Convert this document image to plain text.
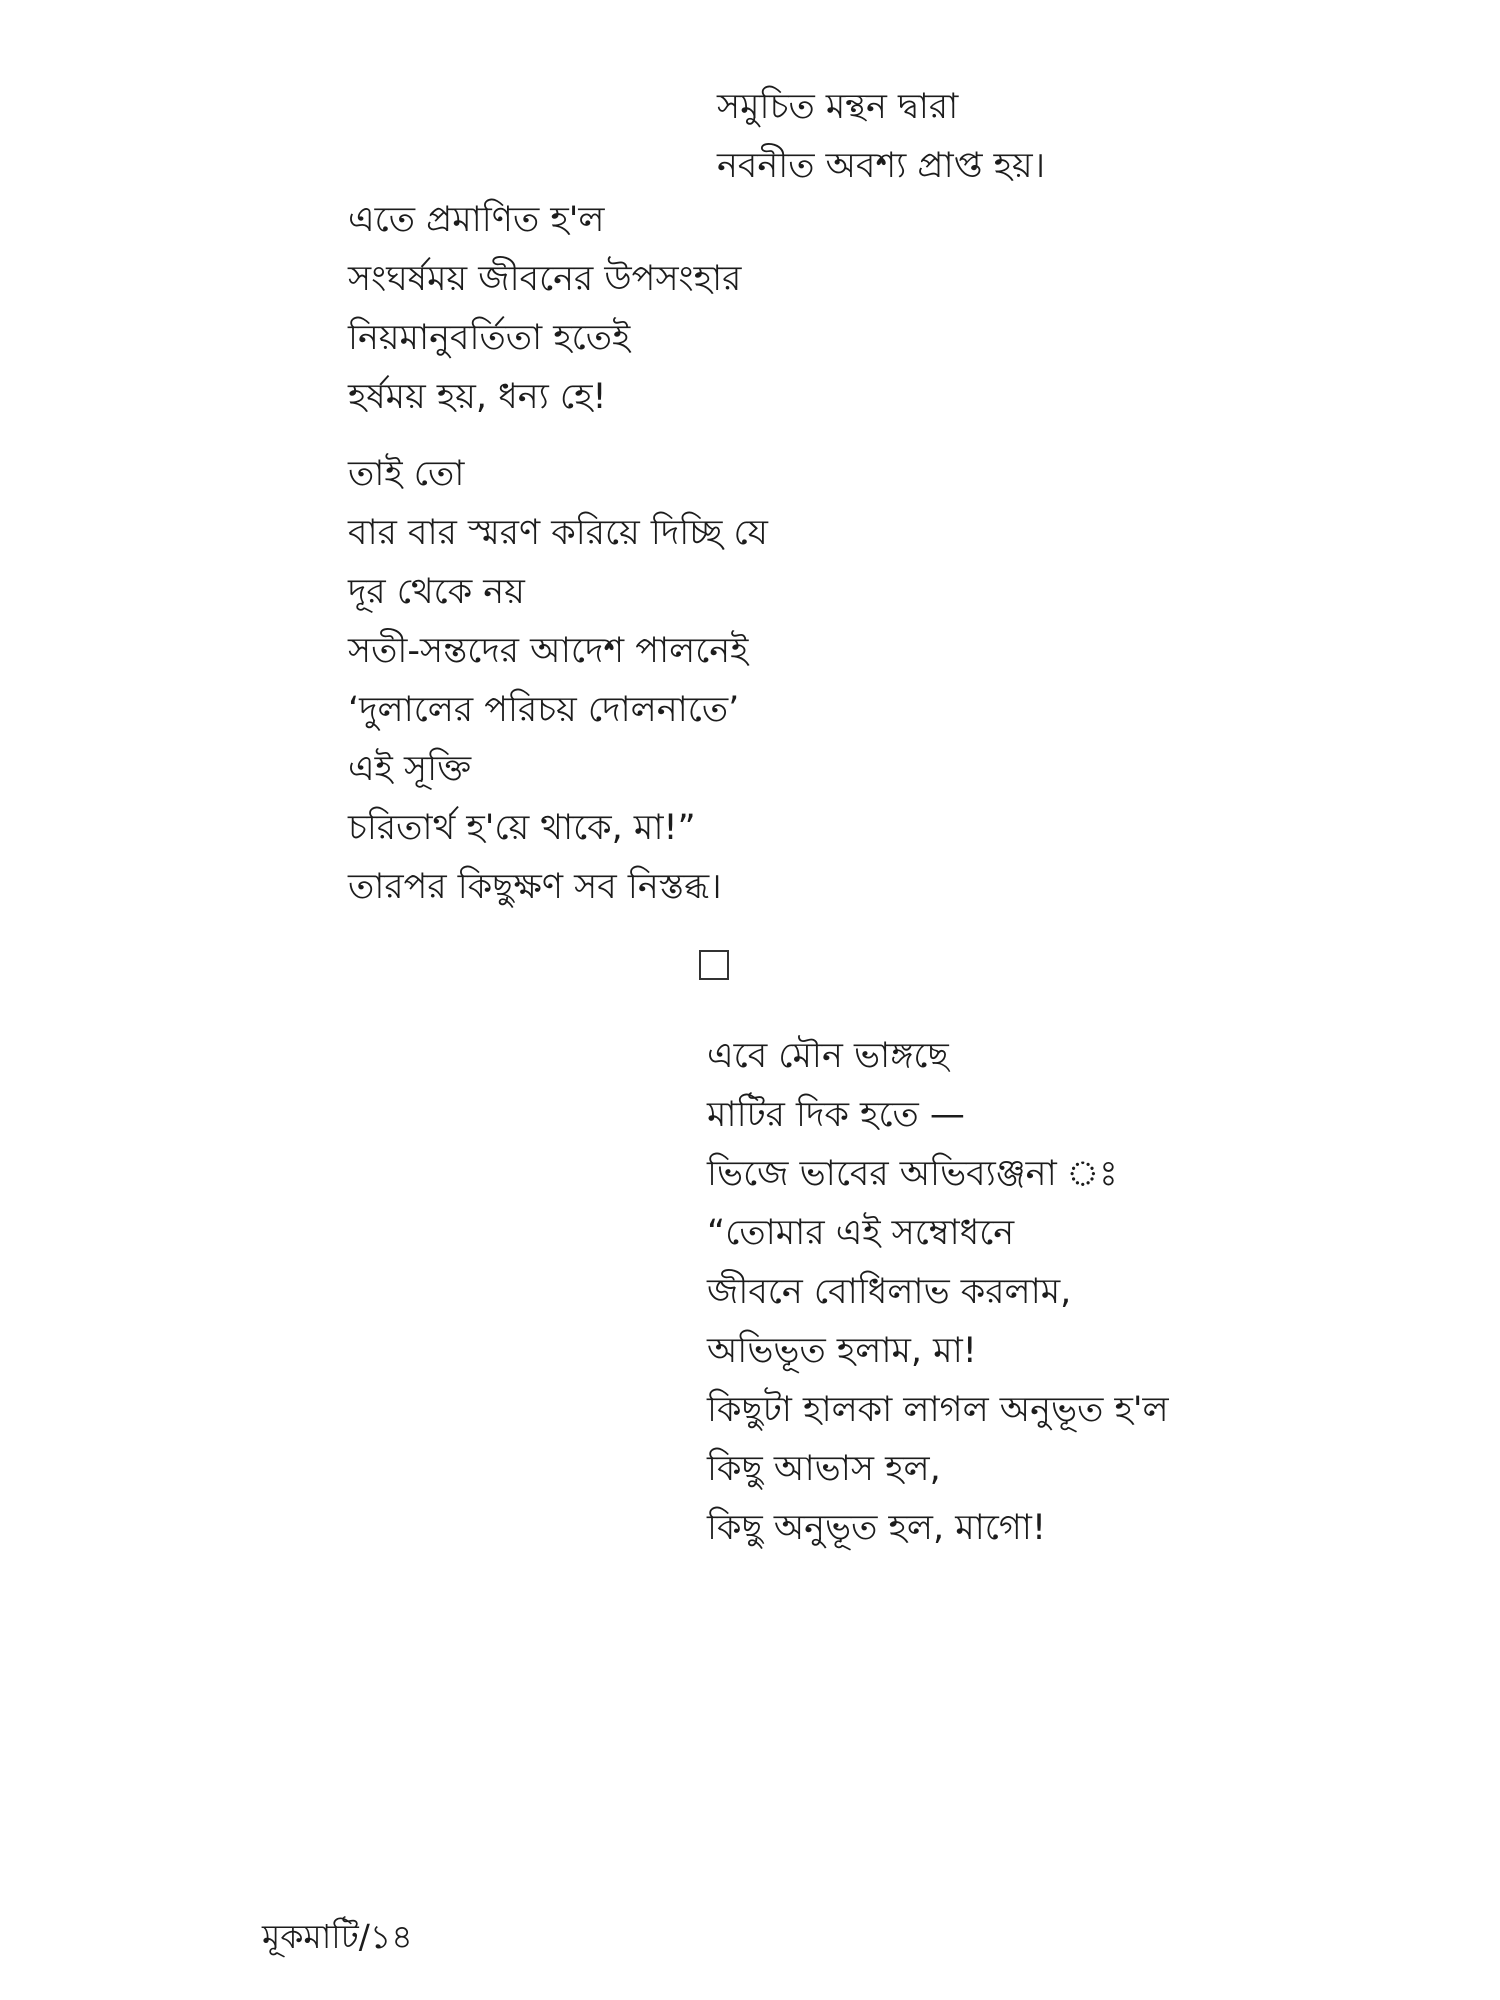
সমুচিত মন্থন দ্বারা
নবনীত অবশ্য প্রাপ্ত হয়।
এতে প্রমাণিত হ'ল
সংঘর্ষময় জীবনের উপসংহার
নিয়মানুবর্তিতা হতেই
হর্ষময় হয়, ধন্য হে!
তাই তো
বার বার স্মরণ করিয়ে দিচ্ছি যে
দূর থেকে নয়
সতী-সন্তদের আদেশ পালনেই
‘দুলালের পরিচয় দোলনাতে’
এই সূক্তি
চরিতার্থ হ'য়ে থাকে, মা!”
তারপর কিছুক্ষণ সব নিস্তব্ধ।
এবে মৌন ভাঙ্গছে
মাটির দিক হতে —
ভিজে ভাবের অভিব্যঞ্জনা ঃ
“তোমার এই সম্বোধনে
জীবনে বোধিলাভ করলাম,
অভিভূত হলাম, মা!
কিছুটা হালকা লাগল অনুভূত হ'ল
কিছু আভাস হল,
কিছু অনুভূত হল, মাগো!
মূকমাটি/১৪
